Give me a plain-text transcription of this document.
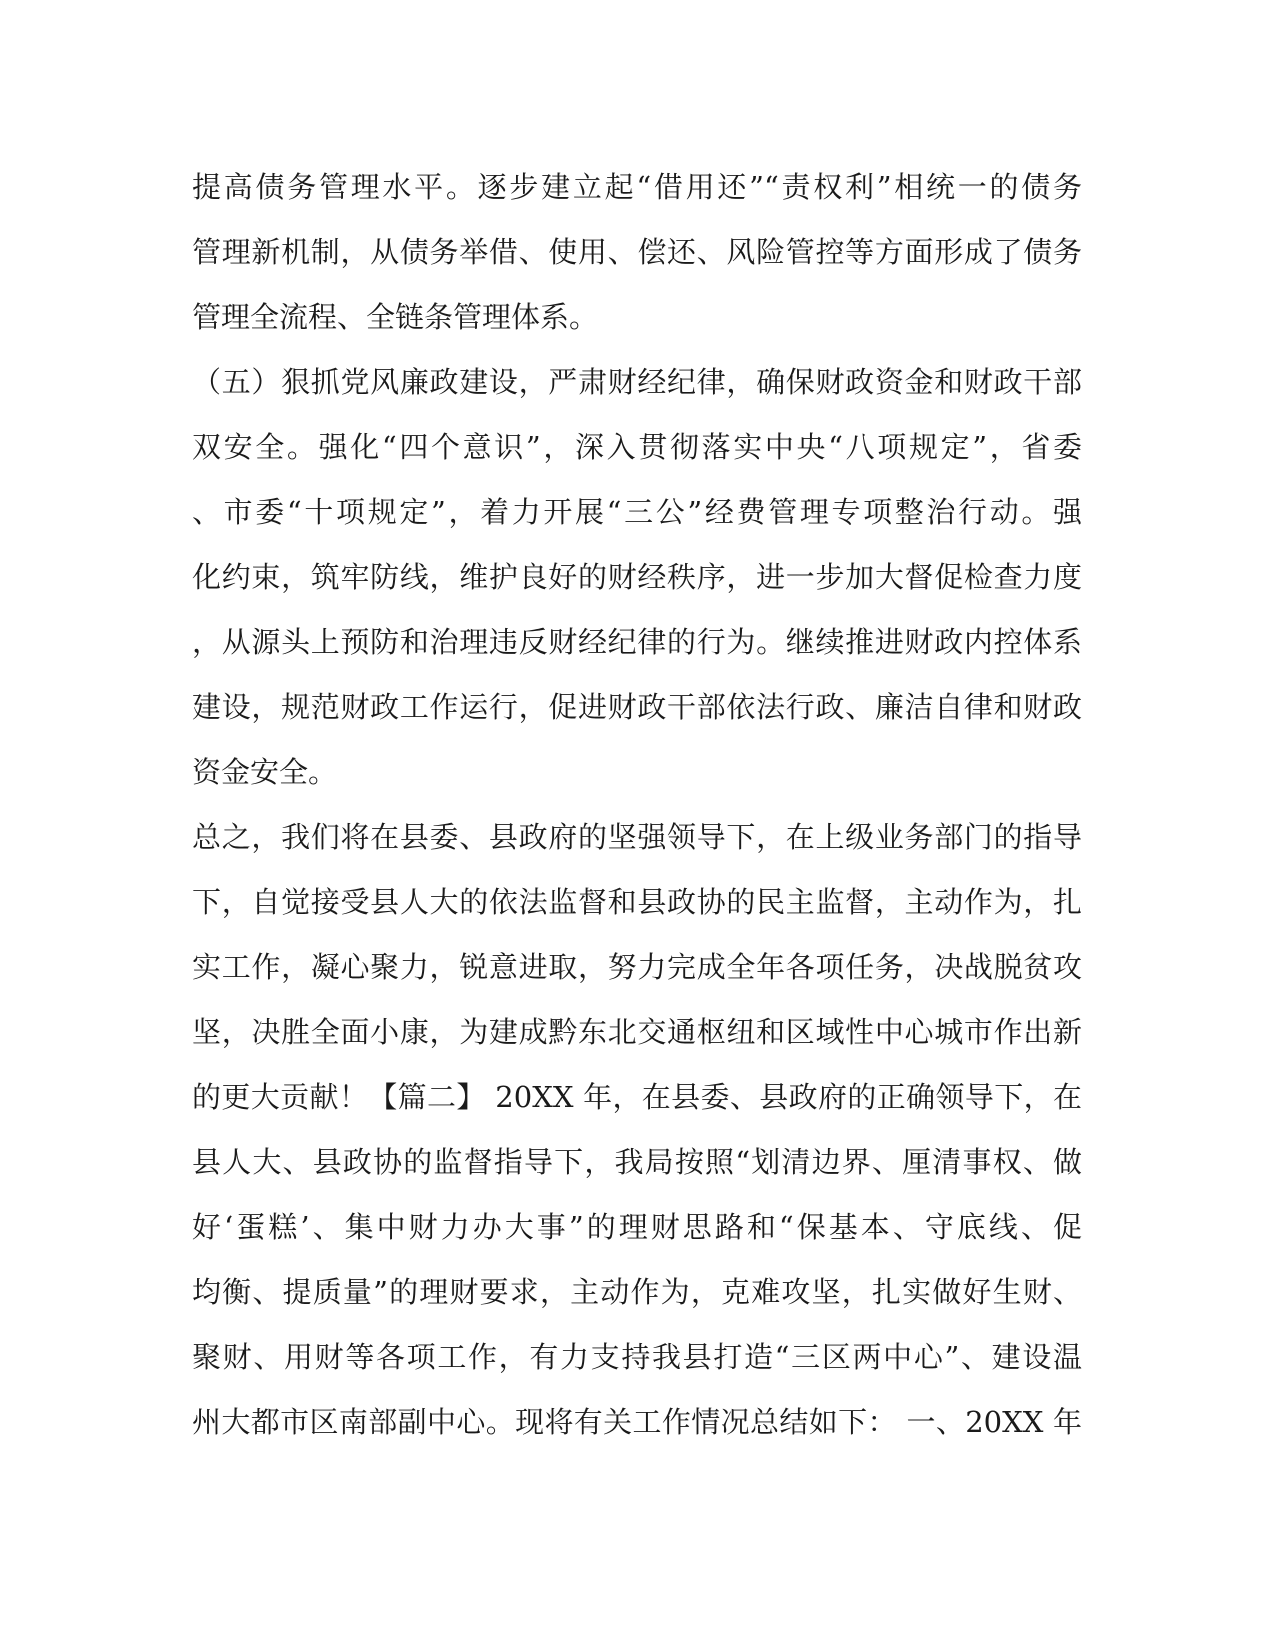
提高债务管理水平。逐步建立起“借用还”“责权利”相统一的债务
管理新机制，从债务举借、使用、偿还、风险管控等方面形成了债务
管理全流程、全链条管理体系。
（五）狠抓党风廉政建设，严肃财经纪律，确保财政资金和财政干部
双安全。强化“四个意识”，深入贯彻落实中央“八项规定”，省委
、市委“十项规定”，着力开展“三公”经费管理专项整治行动。强
化约束，筑牢防线，维护良好的财经秩序，进一步加大督促检查力度
，从源头上预防和治理违反财经纪律的行为。继续推进财政内控体系
建设，规范财政工作运行，促进财政干部依法行政、廉洁自律和财政
资金安全。
总之，我们将在县委、县政府的坚强领导下，在上级业务部门的指导
下，自觉接受县人大的依法监督和县政协的民主监督，主动作为，扎
实工作，凝心聚力，锐意进取，努力完成全年各项任务，决战脱贫攻
坚，决胜全面小康，为建成黔东北交通枢纽和区域性中心城市作出新
的更大贡献！【篇二】 20XX 年，在县委、县政府的正确领导下，在
县人大、县政协的监督指导下，我局按照“划清边界、厘清事权、做
好‘蛋糕’、集中财力办大事”的理财思路和“保基本、守底线、促
均衡、提质量”的理财要求，主动作为，克难攻坚，扎实做好生财、
聚财、用财等各项工作，有力支持我县打造“三区两中心”、建设温
州大都市区南部副中心。现将有关工作情况总结如下： 一、20XX 年
